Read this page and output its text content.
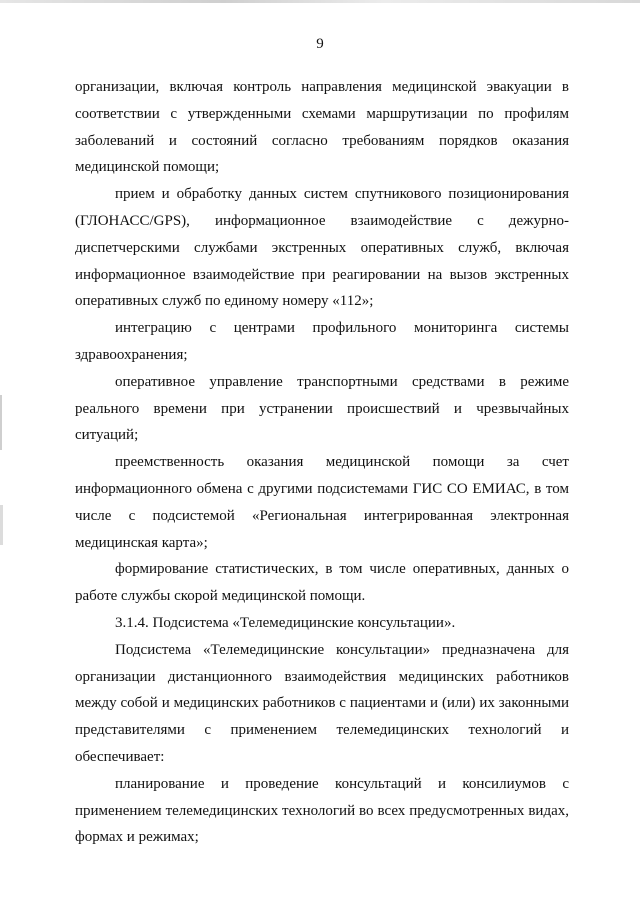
9

организации, включая контроль направления медицинской эвакуации в соответствии с утвержденными схемами маршрутизации по профилям заболеваний и состояний согласно требованиям порядков оказания медицинской помощи;

прием и обработку данных систем спутникового позиционирования (ГЛОНАСС/GPS), информационное взаимодействие с дежурно-диспетчерскими службами экстренных оперативных служб, включая информационное взаимодействие при реагировании на вызов экстренных оперативных служб по единому номеру «112»;

интеграцию с центрами профильного мониторинга системы здравоохранения;

оперативное управление транспортными средствами в режиме реального времени при устранении происшествий и чрезвычайных ситуаций;

преемственность оказания медицинской помощи за счет информационного обмена с другими подсистемами ГИС СО ЕМИАС, в том числе с подсистемой «Региональная интегрированная электронная медицинская карта»;

формирование статистических, в том числе оперативных, данных о работе службы скорой медицинской помощи.

3.1.4. Подсистема «Телемедицинские консультации».

Подсистема «Телемедицинские консультации» предназначена для организации дистанционного взаимодействия медицинских работников между собой и медицинских работников с пациентами и (или) их законными представителями с применением телемедицинских технологий и обеспечивает:

планирование и проведение консультаций и консилиумов с применением телемедицинских технологий во всех предусмотренных видах, формах и режимах;
